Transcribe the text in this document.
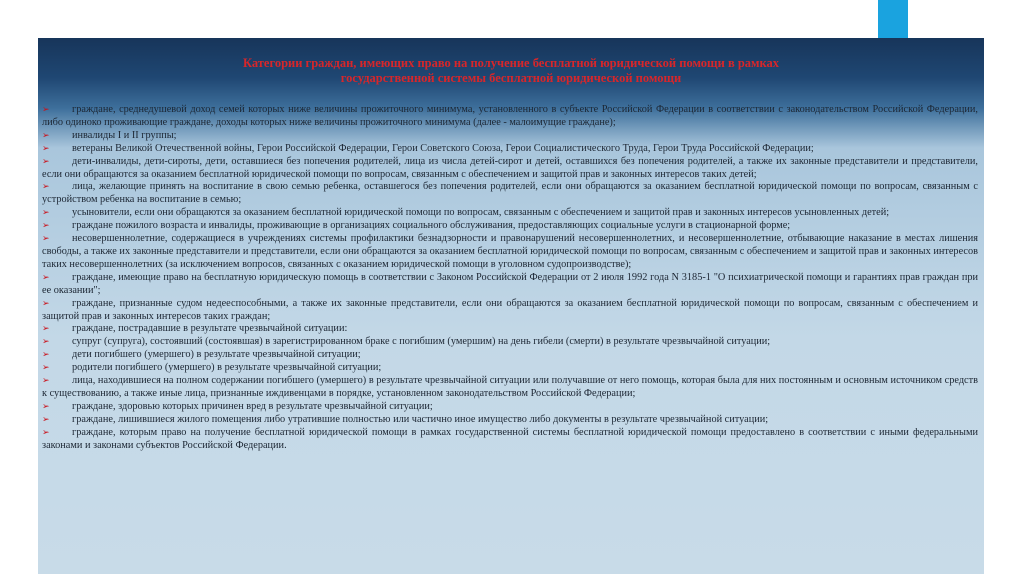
Категории граждан, имеющих право на получение бесплатной юридической помощи в рамках
государственной системы бесплатной юридической помощи
➢ граждане, среднедушевой доход семей которых ниже величины прожиточного минимума, установленного в субъекте Российской Федерации в соответствии с законодательством Российской Федерации, либо одиноко проживающие граждане, доходы которых ниже величины прожиточного минимума (далее - малоимущие граждане);
➢ инвалиды I и II группы;
➢ ветераны Великой Отечественной войны, Герои Российской Федерации, Герои Советского Союза, Герои Социалистического Труда, Герои Труда Российской Федерации;
➢ дети-инвалиды, дети-сироты, дети, оставшиеся без попечения родителей, лица из числа детей-сирот и детей, оставшихся без попечения родителей, а также их законные представители и представители, если они обращаются за оказанием бесплатной юридической помощи по вопросам, связанным с обеспечением и защитой прав и законных интересов таких детей;
➢ лица, желающие принять на воспитание в свою семью ребенка, оставшегося без попечения родителей, если они обращаются за оказанием бесплатной юридической помощи по вопросам, связанным с устройством ребенка на воспитание в семью;
➢ усыновители, если они обращаются за оказанием бесплатной юридической помощи по вопросам, связанным с обеспечением и защитой прав и законных интересов усыновленных детей;
➢ граждане пожилого возраста и инвалиды, проживающие в организациях социального обслуживания, предоставляющих социальные услуги в стационарной форме;
➢ несовершеннолетние, содержащиеся в учреждениях системы профилактики безнадзорности и правонарушений несовершеннолетних, и несовершеннолетние, отбывающие наказание в местах лишения свободы, а также их законные представители и представители, если они обращаются за оказанием бесплатной юридической помощи по вопросам, связанным с обеспечением и защитой прав и законных интересов таких несовершеннолетних (за исключением вопросов, связанных с оказанием юридической помощи в уголовном судопроизводстве);
➢ граждане, имеющие право на бесплатную юридическую помощь в соответствии с Законом Российской Федерации от 2 июля 1992 года N 3185-1 "О психиатрической помощи и гарантиях прав граждан при ее оказании";
➢ граждане, признанные судом недееспособными, а также их законные представители, если они обращаются за оказанием бесплатной юридической помощи по вопросам, связанным с обеспечением и защитой прав и законных интересов таких граждан;
➢ граждане, пострадавшие в результате чрезвычайной ситуации:
➢ супруг (супруга), состоявший (состоявшая) в зарегистрированном браке с погибшим (умершим) на день гибели (смерти) в результате чрезвычайной ситуации;
➢ дети погибшего (умершего) в результате чрезвычайной ситуации;
➢ родители погибшего (умершего) в результате чрезвычайной ситуации;
➢ лица, находившиеся на полном содержании погибшего (умершего) в результате чрезвычайной ситуации или получавшие от него помощь, которая была для них постоянным и основным источником средств к существованию, а также иные лица, признанные иждивенцами в порядке, установленном законодательством Российской Федерации;
➢ граждане, здоровью которых причинен вред в результате чрезвычайной ситуации;
➢ граждане, лишившиеся жилого помещения либо утратившие полностью или частично иное имущество либо документы в результате чрезвычайной ситуации;
➢ граждане, которым право на получение бесплатной юридической помощи в рамках государственной системы бесплатной юридической помощи предоставлено в соответствии с иными федеральными законами и законами субъектов Российской Федерации.
